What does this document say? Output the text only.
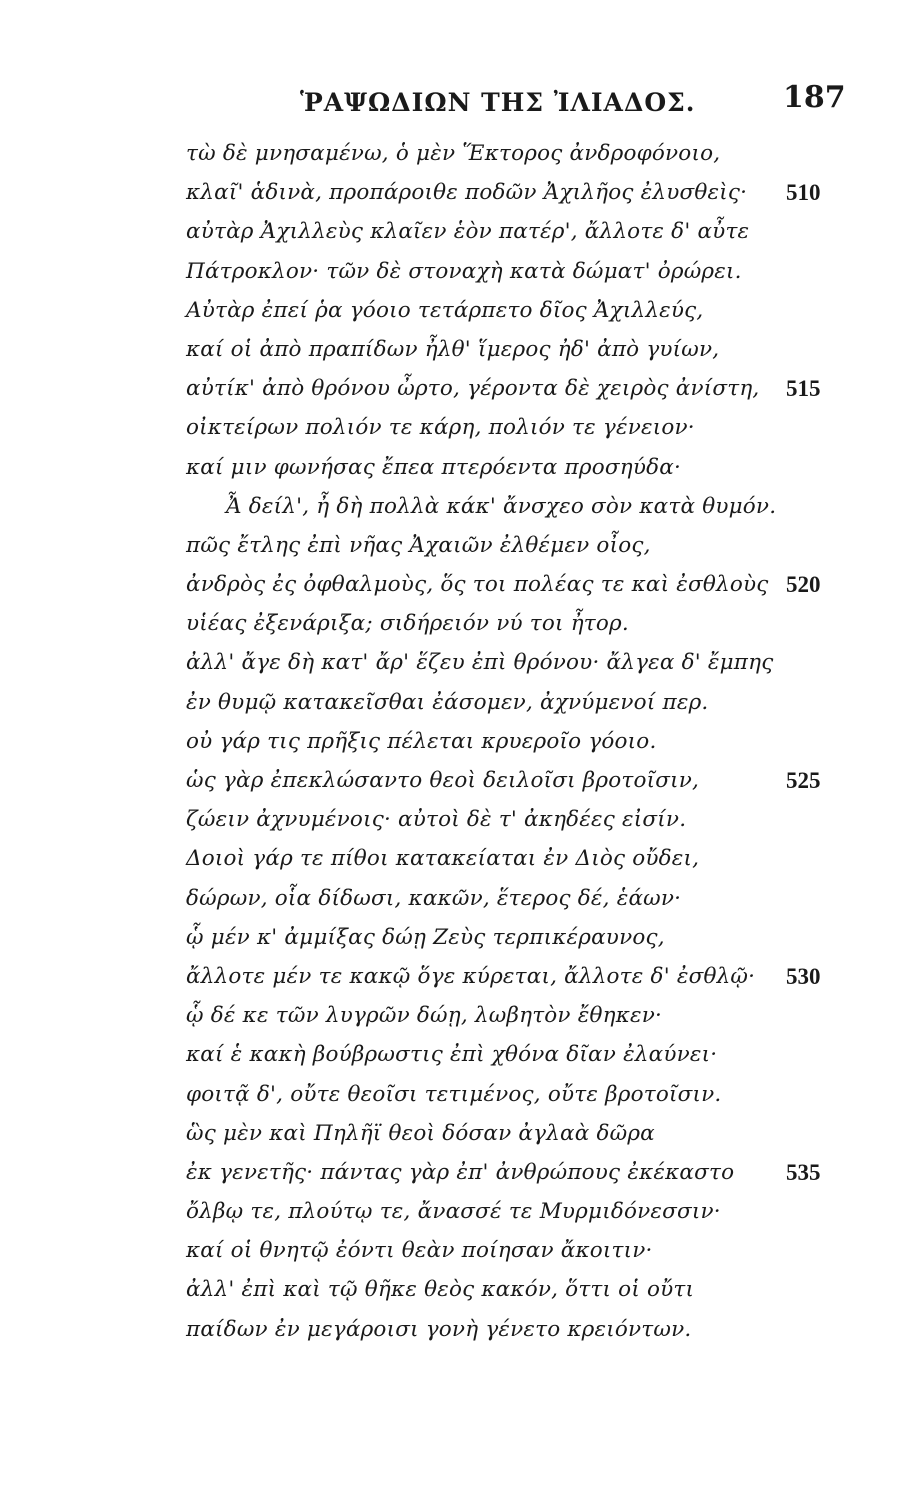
ῬΑΨΩΔΙΩΝ ΤΗΣ ἸΛΙΑΔΟΣ.	187
τὼ δὲ μνησαμένω, ὁ μὲν Ἕκτορος ἀνδροφόνοιο,
κλαῖ' ἁδινὰ, προπάροιθε ποδῶν Ἀχιλῆος ἐλυσθεὶς· 510
αὐτὰρ Ἀχιλλεὺς κλαῖεν ἑὸν πατέρ', ἄλλοτε δ' αὖτε
Πάτροκλον· τῶν δὲ στοναχὴ κατὰ δώματ' ὀρώρει.
Αὐτὰρ ἐπεί ῥα γόοιο τετάρπετο δῖος Ἀχιλλεύς,
καί οἱ ἀπὸ πραπίδων ἦλθ' ἵμερος ἠδ' ἀπὸ γυίων,
αὐτίκ' ἀπὸ θρόνου ὦρτο, γέροντα δὲ χειρὸς ἀνίστη, 515
οἰκτείρων πολιόν τε κάρη, πολιόν τε γένειον·
καί μιν φωνήσας ἔπεα πτερόεντα προσηύδα·
Ἆ δείλ', ἦ δὴ πολλὰ κάκ' ἄνσχεο σὸν κατὰ θυμόν.
πῶς ἔτλης ἐπὶ νῆας Ἀχαιῶν ἐλθέμεν οἶος,
ἀνδρὸς ἐς ὀφθαλμοὺς, ὅς τοι πολέας τε καὶ ἐσθλοὺς 520
υἱέας ἐξενάριξα; σιδήρειόν νύ τοι ἦτορ.
ἀλλ' ἄγε δὴ κατ' ἄρ' ἕζευ ἐπὶ θρόνου· ἄλγεα δ' ἔμπης
ἐν θυμῷ κατακεῖσθαι ἐάσομεν, ἀχνύμενοί περ.
οὐ γάρ τις πρῆξις πέλεται κρυεροῖο γόοιο.
ὡς γὰρ ἐπεκλώσαντο θεοὶ δειλοῖσι βροτοῖσιν,	525
ζώειν ἀχνυμένοις· αὐτοὶ δὲ τ' ἀκηδέες εἰσίν.
Δοιοὶ γάρ τε πίθοι κατακείαται ἐν Διὸς οὔδει,
δώρων, οἷα δίδωσι, κακῶν, ἕτερος δέ, ἑάων·
ᾧ μέν κ' ἀμμίξας δώῃ Ζεὺς τερπικέραυνος,
ἄλλοτε μέν τε κακῷ ὅγε κύρεται, ἄλλοτε δ' ἐσθλῷ· 530
ᾧ δέ κε τῶν λυγρῶν δώῃ, λωβητὸν ἔθηκεν·
καί ἑ κακὴ βούβρωστις ἐπὶ χθόνα δῖαν ἐλαύνει·
φοιτᾷ δ', οὔτε θεοῖσι τετιμένος, οὔτε βροτοῖσιν.
ὣς μὲν καὶ Πηλῆϊ θεοὶ δόσαν ἀγλαὰ δῶρα
ἐκ γενετῆς· πάντας γὰρ ἐπ' ἀνθρώπους ἐκέκαστο 535
ὄλβῳ τε, πλούτῳ τε, ἄνασσέ τε Μυρμιδόνεσσιν·
καί οἱ θνητῷ ἐόντι θεὰν ποίησαν ἄκοιτιν·
ἀλλ' ἐπὶ καὶ τῷ θῆκε θεὸς κακόν, ὅττι οἱ οὔτι
παίδων ἐν μεγάροισι γονὴ γένετο κρειόντων.
